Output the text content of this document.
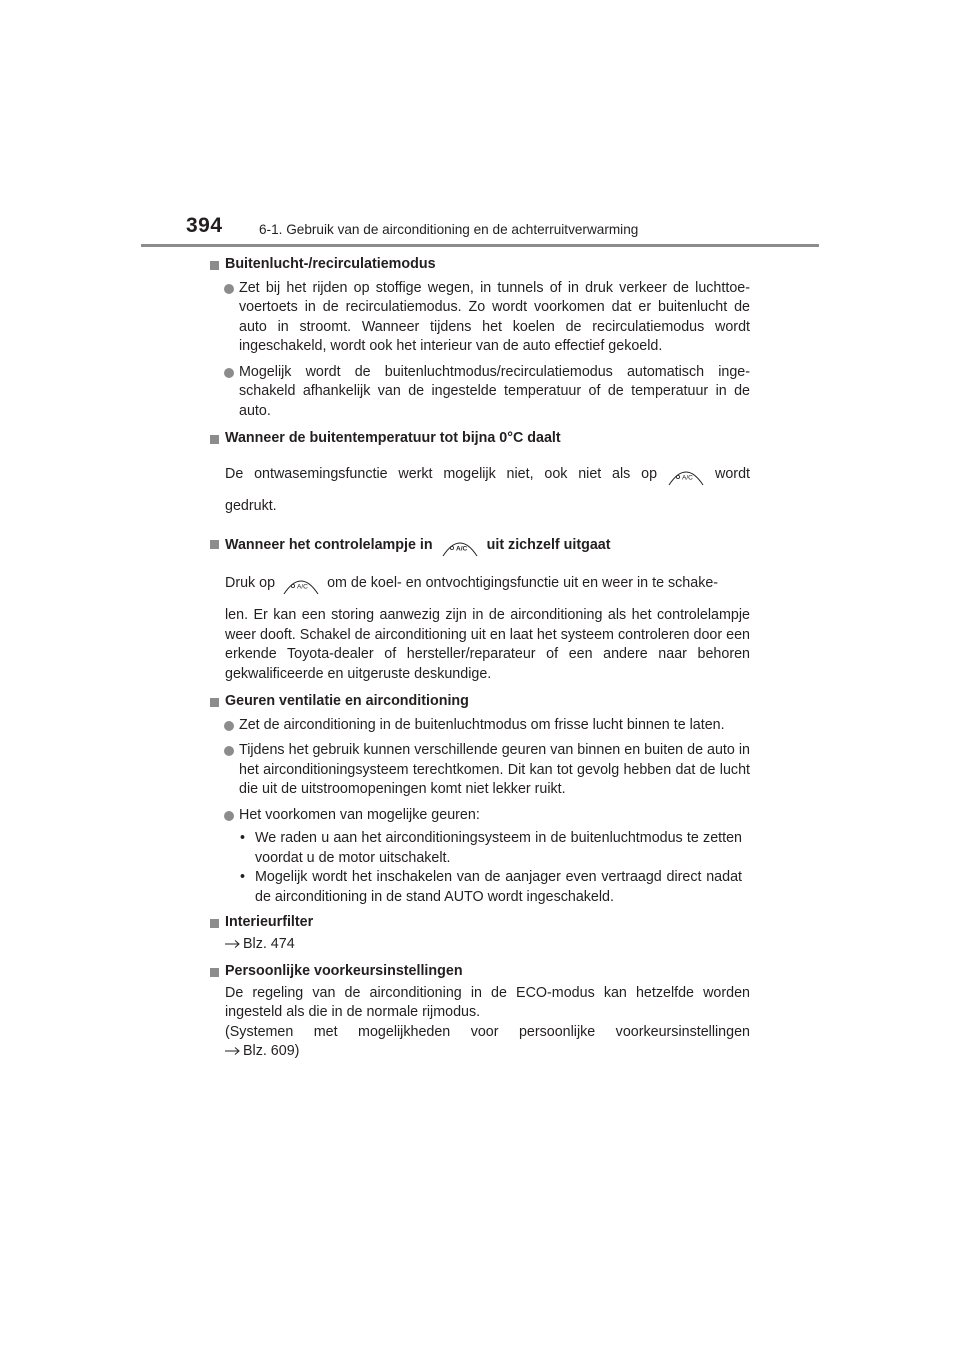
394	6-1. Gebruik van de airconditioning en de achterruitverwarming
Buitenlucht-/recirculatiemodus
Zet bij het rijden op stoffige wegen, in tunnels of in druk verkeer de luchttoevoertoets in de recirculatiemodus. Zo wordt voorkomen dat er buitenlucht de auto in stroomt. Wanneer tijdens het koelen de recirculatiemodus wordt ingeschakeld, wordt ook het interieur van de auto effectief gekoeld.
Mogelijk wordt de buitenluchtmodus/recirculatiemodus automatisch ingeschakeld afhankelijk van de ingestelde temperatuur of de temperatuur in de auto.
Wanneer de buitentemperatuur tot bijna 0°C daalt
De ontwasemingsfunctie werkt mogelijk niet, ook niet als op	A/C wordt
gedrukt.
Wanneer het controlelampje in	A/C uit zichzelf uitgaat
Druk op	A/C om de koel- en ontvochtigingsfunctie uit en weer in te schake-
len. Er kan een storing aanwezig zijn in de airconditioning als het controlelampje weer dooft. Schakel de airconditioning uit en laat het systeem controleren door een erkende Toyota-dealer of hersteller/reparateur of een andere naar behoren gekwalificeerde en uitgeruste deskundige.
Geuren ventilatie en airconditioning
Zet de airconditioning in de buitenluchtmodus om frisse lucht binnen te laten.
Tijdens het gebruik kunnen verschillende geuren van binnen en buiten de auto in het airconditioningsysteem terechtkomen. Dit kan tot gevolg hebben dat de lucht die uit de uitstroomopeningen komt niet lekker ruikt.
Het voorkomen van mogelijke geuren:
• We raden u aan het airconditioningsysteem in de buitenluchtmodus te zetten voordat u de motor uitschakelt.
• Mogelijk wordt het inschakelen van de aanjager even vertraagd direct nadat de airconditioning in de stand AUTO wordt ingeschakeld.
Interieurfilter
Blz. 474
Persoonlijke voorkeursinstellingen
De regeling van de airconditioning in de ECO-modus kan hetzelfde worden ingesteld als die in de normale rijmodus.
(Systemen met mogelijkheden voor persoonlijke voorkeursinstellingen
Blz. 609)
